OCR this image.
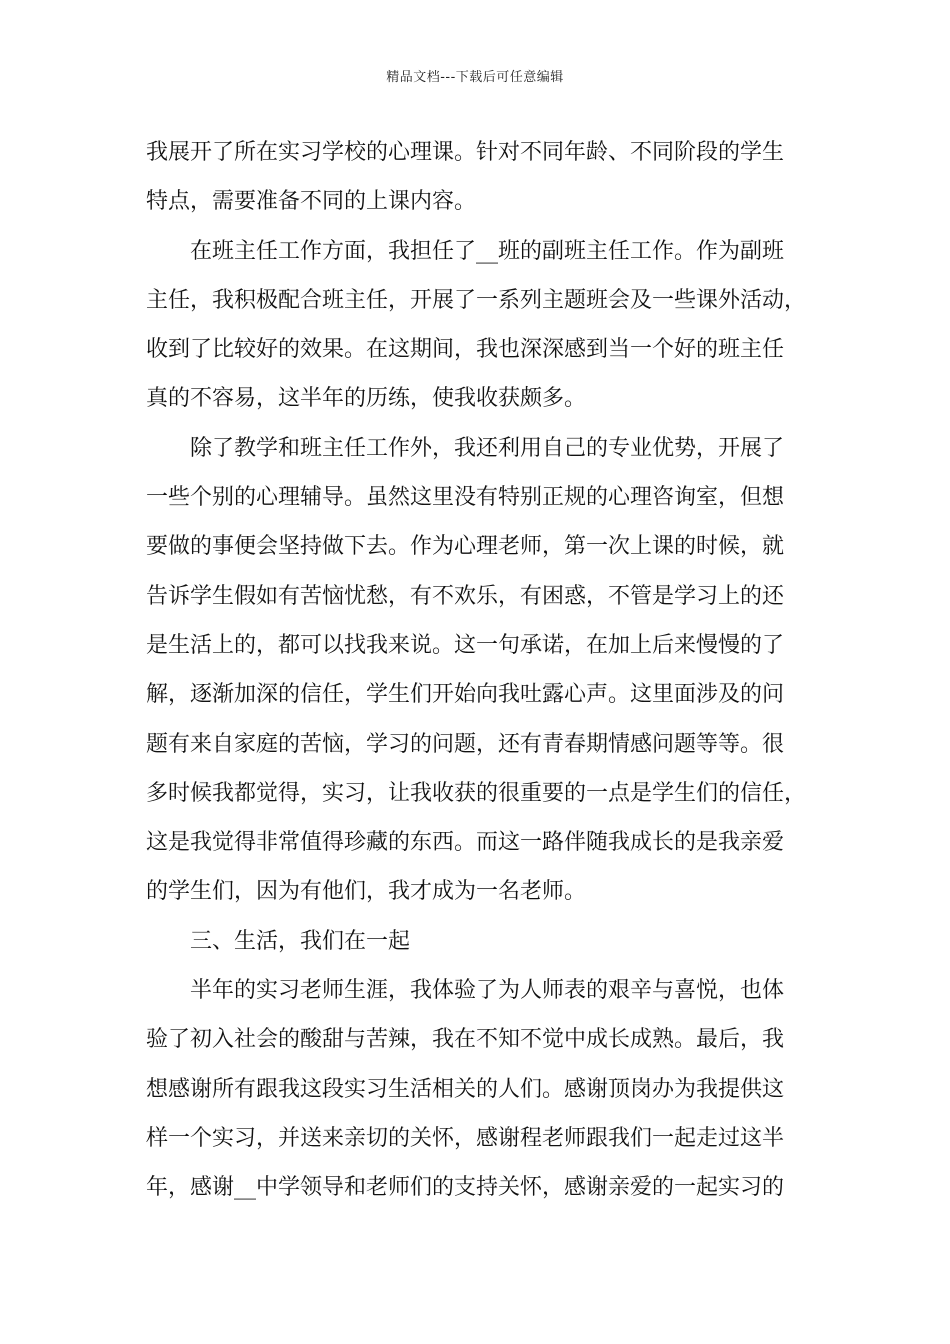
精品文档---下载后可任意编辑
我展开了所在实习学校的心理课。针对不同年龄、不同阶段的学生
特点，需要准备不同的上课内容。
在班主任工作方面，我担任了__班的副班主任工作。作为副班
主任，我积极配合班主任，开展了一系列主题班会及一些课外活动，
收到了比较好的效果。在这期间，我也深深感到当一个好的班主任
真的不容易，这半年的历练，使我收获颇多。
除了教学和班主任工作外，我还利用自己的专业优势，开展了
一些个别的心理辅导。虽然这里没有特别正规的心理咨询室，但想
要做的事便会坚持做下去。作为心理老师，第一次上课的时候，就
告诉学生假如有苦恼忧愁，有不欢乐，有困惑，不管是学习上的还
是生活上的，都可以找我来说。这一句承诺，在加上后来慢慢的了
解，逐渐加深的信任，学生们开始向我吐露心声。这里面涉及的问
题有来自家庭的苦恼，学习的问题，还有青春期情感问题等等。很
多时候我都觉得，实习，让我收获的很重要的一点是学生们的信任，
这是我觉得非常值得珍藏的东西。而这一路伴随我成长的是我亲爱
的学生们，因为有他们，我才成为一名老师。
三、生活，我们在一起
半年的实习老师生涯，我体验了为人师表的艰辛与喜悦，也体
验了初入社会的酸甜与苦辣，我在不知不觉中成长成熟。最后，我
想感谢所有跟我这段实习生活相关的人们。感谢顶岗办为我提供这
样一个实习，并送来亲切的关怀，感谢程老师跟我们一起走过这半
年，感谢__中学领导和老师们的支持关怀，感谢亲爱的一起实习的
